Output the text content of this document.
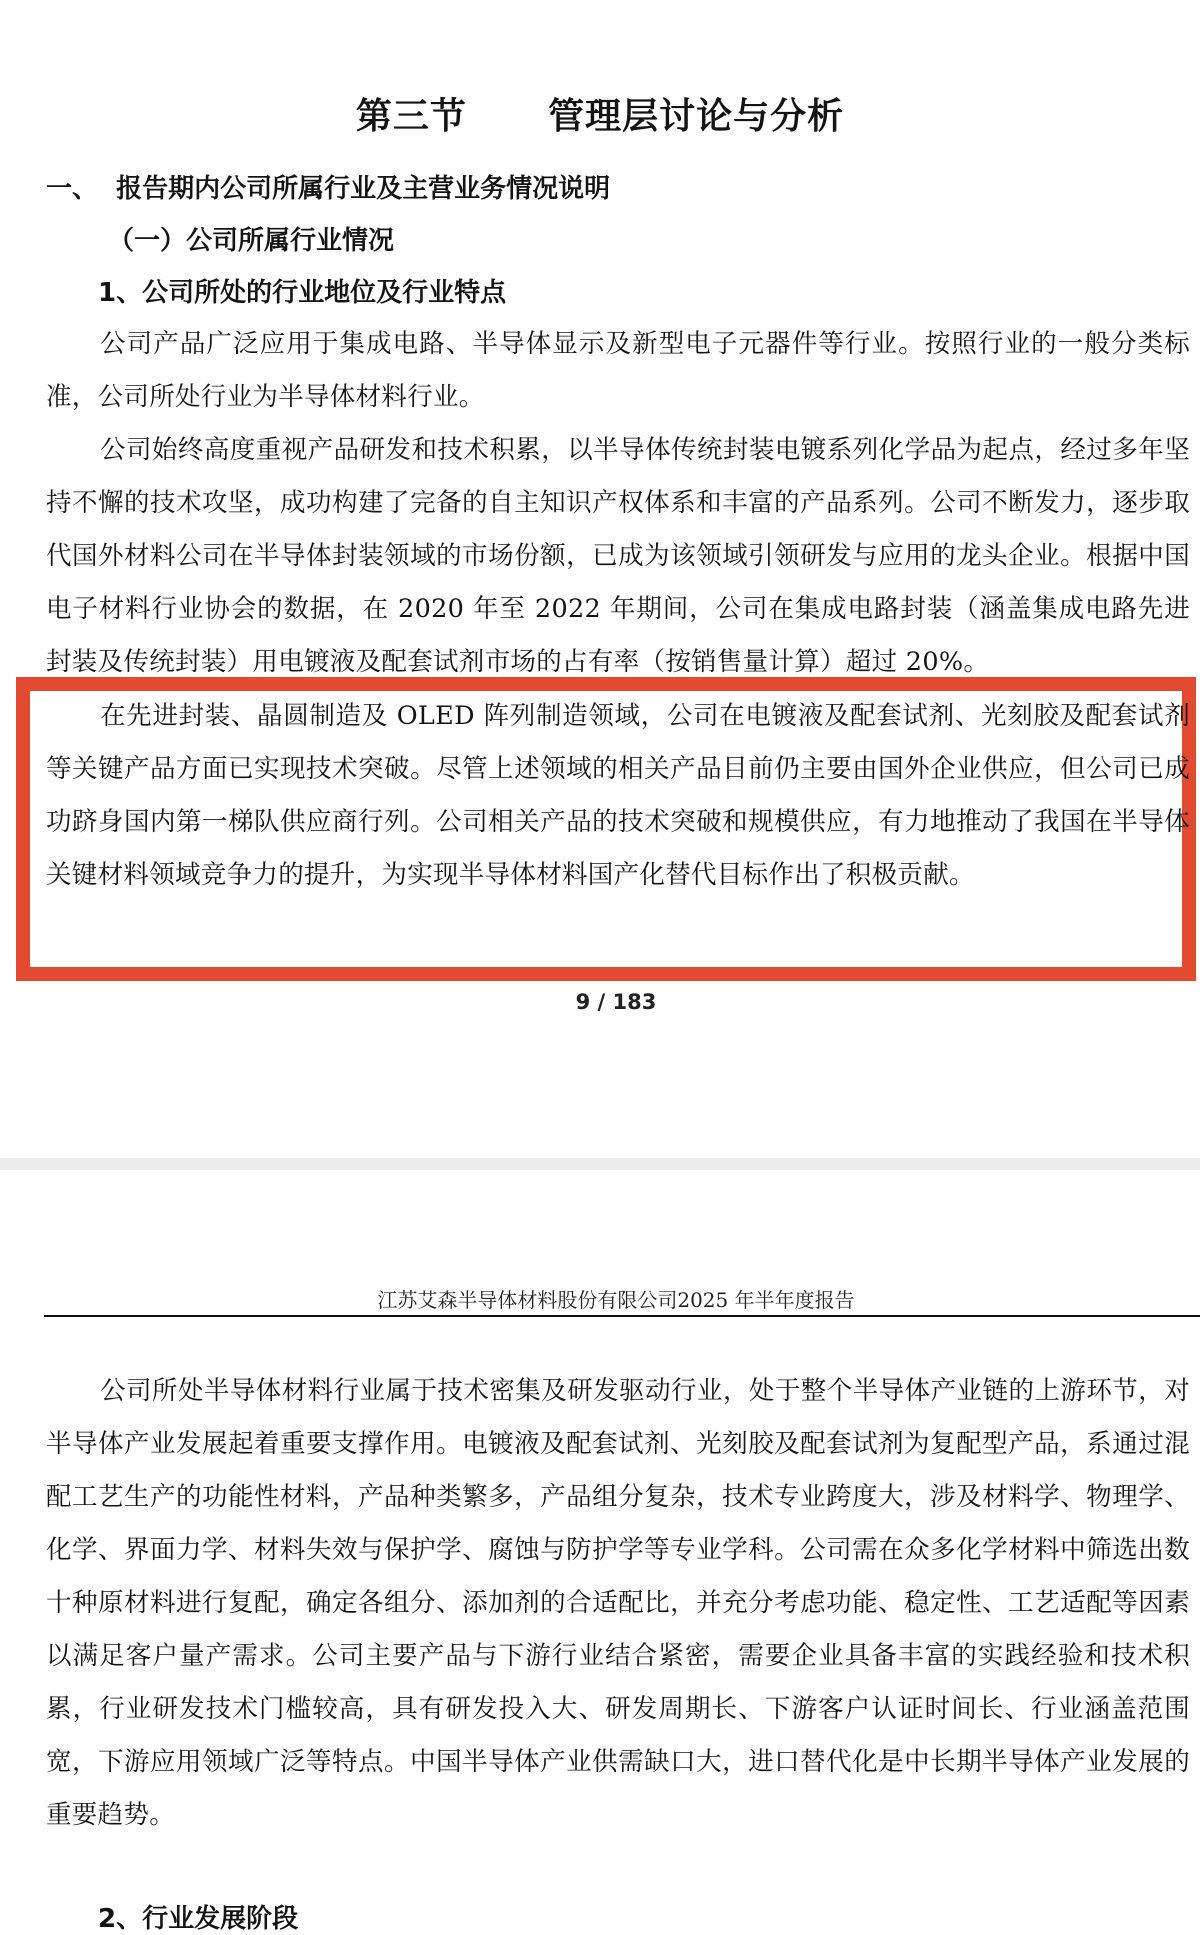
第三节      管理层讨论与分析
一、  报告期内公司所属行业及主营业务情况说明
（一）公司所属行业情况
1、公司所处的行业地位及行业特点

公司产品广泛应用于集成电路、半导体显示及新型电子元器件等行业。按照行业的一般分类标准，公司所处行业为半导体材料行业。

公司始终高度重视产品研发和技术积累，以半导体传统封装电镀系列化学品为起点，经过多年坚持不懈的技术攻坚，成功构建了完备的自主知识产权体系和丰富的产品系列。公司不断发力，逐步取代国外材料公司在半导体封装领域的市场份额，已成为该领域引领研发与应用的龙头企业。根据中国电子材料行业协会的数据，在 2020 年至 2022 年期间，公司在集成电路封装（涵盖集成电路先进封装及传统封装）用电镀液及配套试剂市场的占有率（按销售量计算）超过 20%。

在先进封装、晶圆制造及 OLED 阵列制造领域，公司在电镀液及配套试剂、光刻胶及配套试剂等关键产品方面已实现技术突破。尽管上述领域的相关产品目前仍主要由国外企业供应，但公司已成功跻身国内第一梯队供应商行列。公司相关产品的技术突破和规模供应，有力地推动了我国在半导体关键材料领域竞争力的提升，为实现半导体材料国产化替代目标作出了积极贡献。

9 / 183
江苏艾森半导体材料股份有限公司2025 年半年度报告

公司所处半导体材料行业属于技术密集及研发驱动行业，处于整个半导体产业链的上游环节，对半导体产业发展起着重要支撑作用。电镀液及配套试剂、光刻胶及配套试剂为复配型产品，系通过混配工艺生产的功能性材料，产品种类繁多，产品组分复杂，技术专业跨度大，涉及材料学、物理学、化学、界面力学、材料失效与保护学、腐蚀与防护学等专业学科。公司需在众多化学材料中筛选出数十种原材料进行复配，确定各组分、添加剂的合适配比，并充分考虑功能、稳定性、工艺适配等因素以满足客户量产需求。公司主要产品与下游行业结合紧密，需要企业具备丰富的实践经验和技术积累，行业研发技术门槛较高，具有研发投入大、研发周期长、下游客户认证时间长、行业涵盖范围宽，下游应用领域广泛等特点。中国半导体产业供需缺口大，进口替代化是中长期半导体产业发展的重要趋势。

2、行业发展阶段
